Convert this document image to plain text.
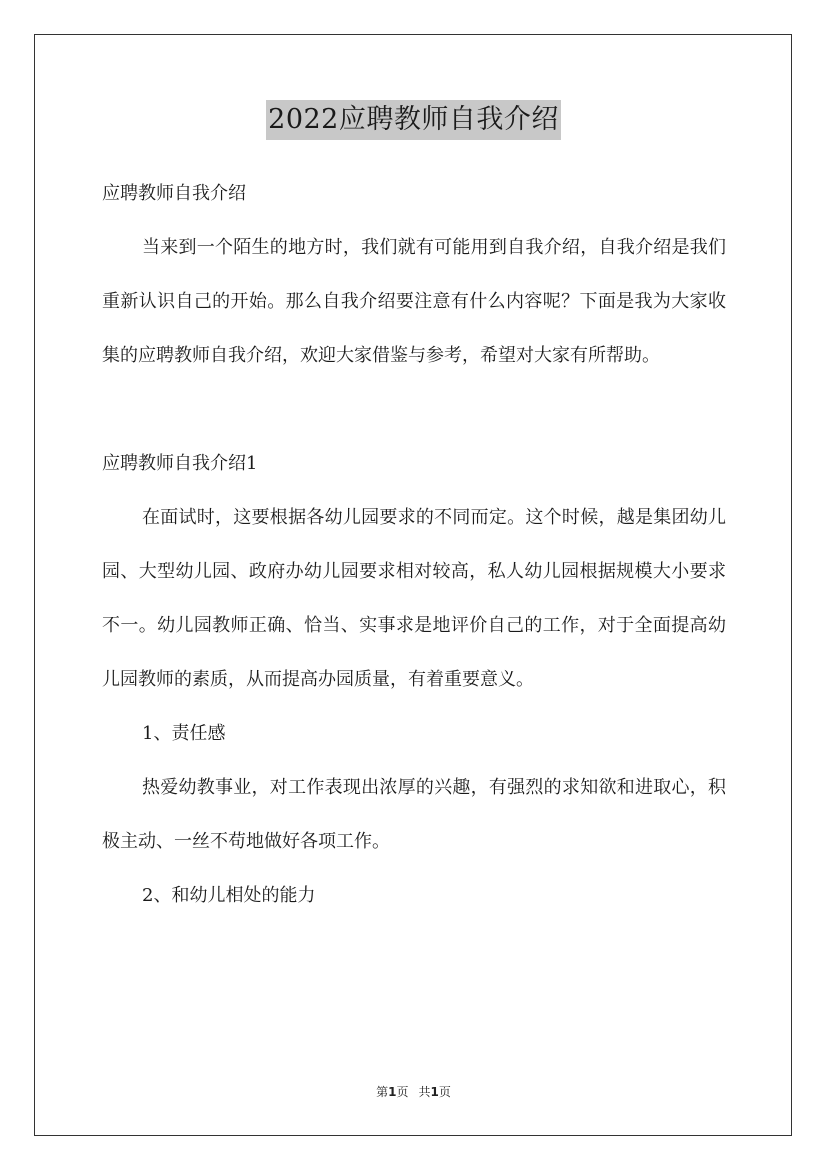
2022应聘教师自我介绍

应聘教师自我介绍

当来到一个陌生的地方时，我们就有可能用到自我介绍，自我介绍是我们重新认识自己的开始。那么自我介绍要注意有什么内容呢？下面是我为大家收集的应聘教师自我介绍，欢迎大家借鉴与参考，希望对大家有所帮助。

应聘教师自我介绍1

在面试时，这要根据各幼儿园要求的不同而定。这个时候，越是集团幼儿园、大型幼儿园、政府办幼儿园要求相对较高，私人幼儿园根据规模大小要求不一。幼儿园教师正确、恰当、实事求是地评价自己的工作，对于全面提高幼儿园教师的素质，从而提高办园质量，有着重要意义。

1、责任感

热爱幼教事业，对工作表现出浓厚的兴趣，有强烈的求知欲和进取心，积极主动、一丝不苟地做好各项工作。

2、和幼儿相处的能力

第1页 共1页
